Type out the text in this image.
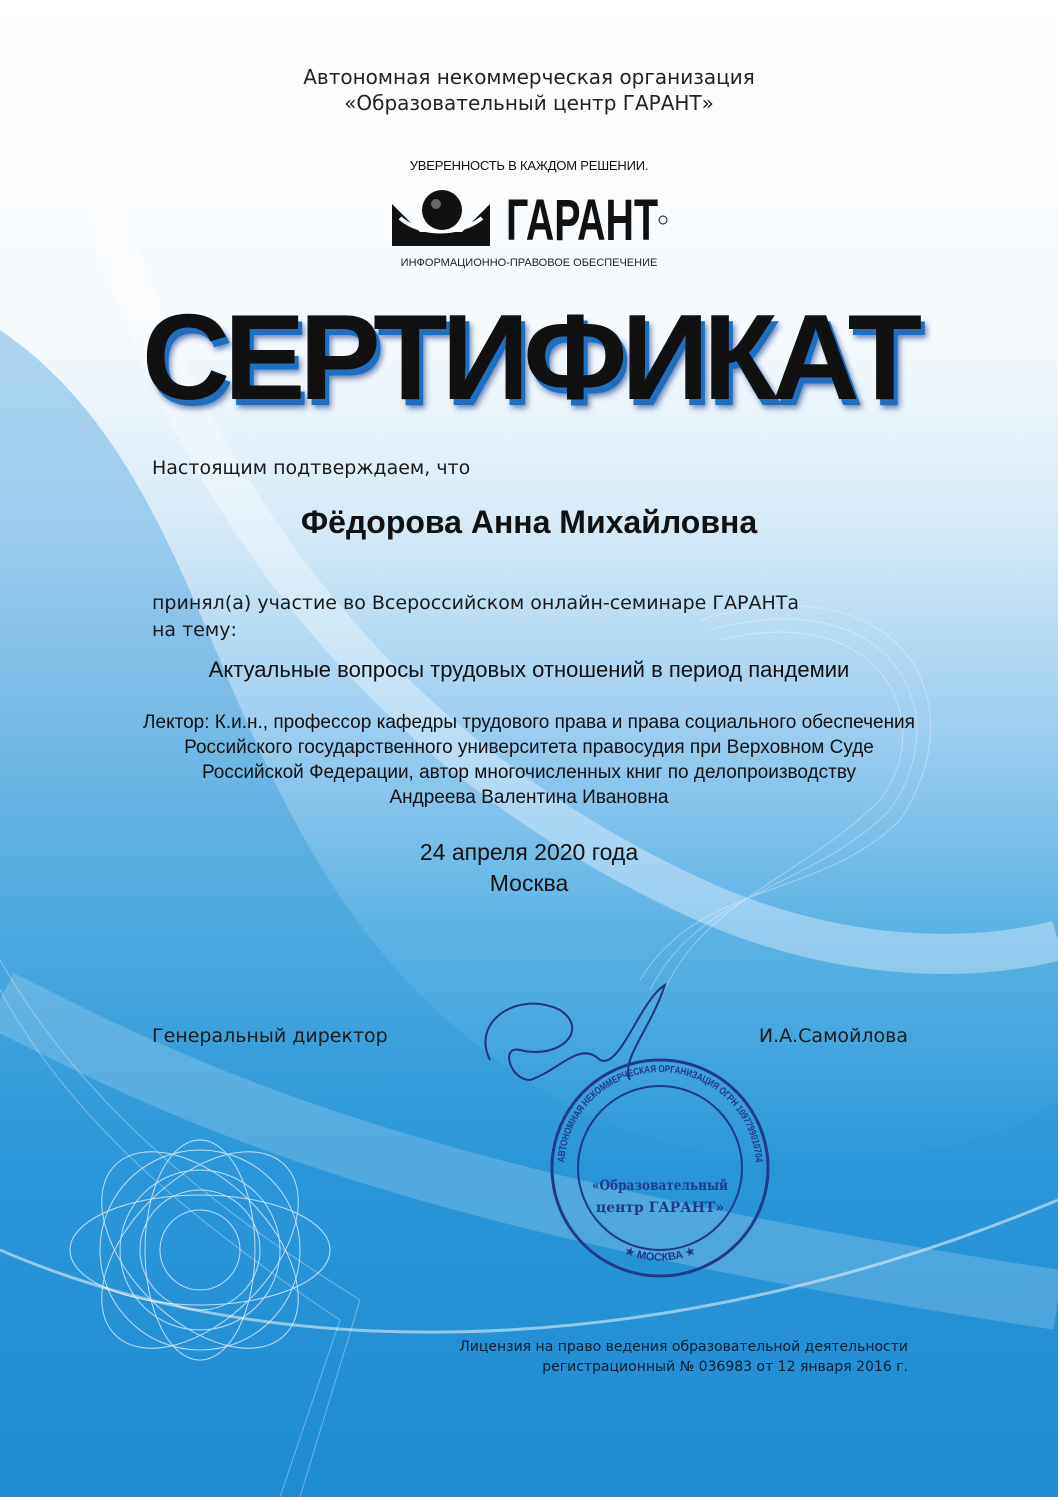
Автономная некоммерческая организация
«Образовательный центр ГАРАНТ»
УВЕРЕННОСТЬ В КАЖДОМ РЕШЕНИИ.
ГАРАНТ
ИНФОРМАЦИОННО-ПРАВОВОЕ ОБЕСПЕЧЕНИЕ
СЕРТИФИКАТ
Настоящим подтверждаем, что
Фёдорова Анна Михайловна
принял(а) участие во Всероссийском онлайн-семинаре ГАРАНТа
на тему:
Актуальные вопросы трудовых отношений в период пандемии
Лектор: К.и.н., профессор кафедры трудового права и права социального обеспечения
Российского государственного университета правосудия при Верховном Суде
Российской Федерации, автор многочисленных книг по делопроизводству
Андреева Валентина Ивановна
24 апреля 2020 года
Москва
Генеральный директор	И.А.Самойлова
АВТОНОМНАЯ НЕКОММЕРЧЕСКАЯ ОРГАНИЗАЦИЯ ОГРН 1097799010704
★ МОСКВА ★
«Образовательный
центр ГАРАНТ»
Лицензия на право ведения образовательной деятельности
регистрационный № 036983 от 12 января 2016 г.
